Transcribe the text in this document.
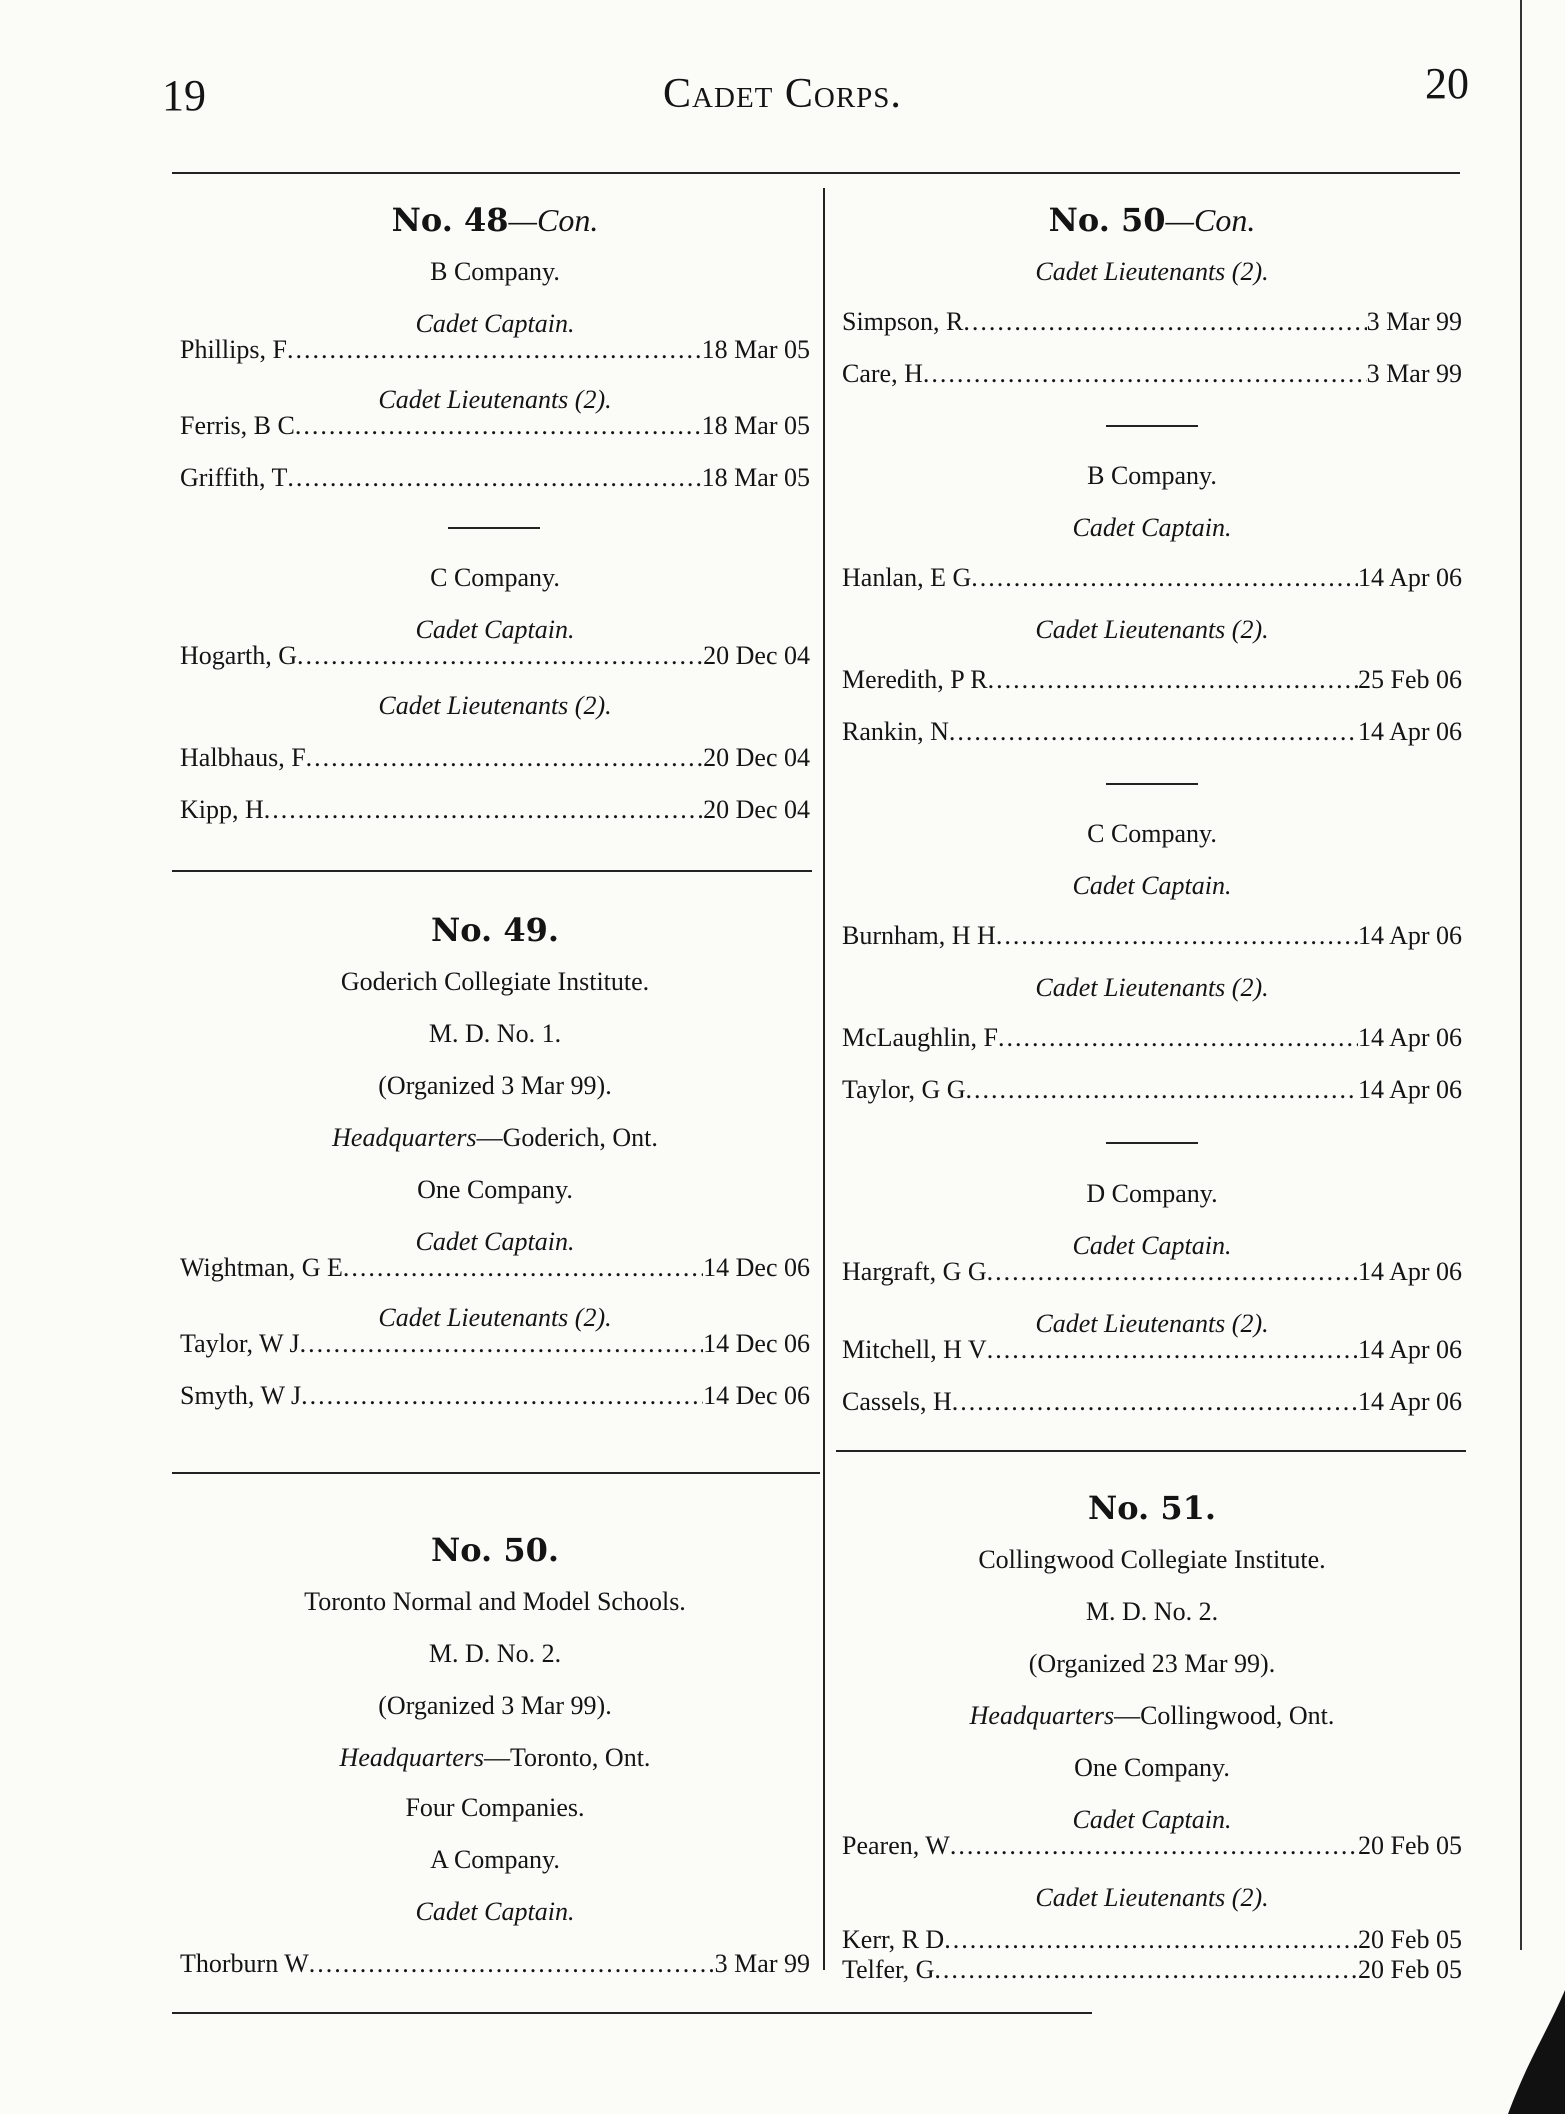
19	Cadet Corps.	20
No. 48—Con.
B Company.
Cadet Captain.
Phillips, F .....	18 Mar 05
Cadet Lieutenants (2).
Ferris, B C .....	18 Mar 05
Griffith, T .....	18 Mar 05
C Company.
Cadet Captain.
Hogarth, G .....	20 Dec 04
Cadet Lieutenants (2).
Halbhaus, F .....	20 Dec 04
Kipp, H .....	20 Dec 04
No. 49.
Goderich Collegiate Institute.
M. D. No. 1.
(Organized 3 Mar 99).
Headquarters—Goderich, Ont.
One Company.
Cadet Captain.
Wightman, G E .....	14 Dec 06
Cadet Lieutenants (2).
Taylor, W J .....	14 Dec 06
Smyth, W J .....	14 Dec 06
No. 50.
Toronto Normal and Model Schools.
M. D. No. 2.
(Organized 3 Mar 99).
Headquarters—Toronto, Ont.
Four Companies.
A Company.
Cadet Captain.
Thorburn W .....	3 Mar 99
No. 50—Con.
Cadet Lieutenants (2).
Simpson, R .....	3 Mar 99
Care, H .....	3 Mar 99
B Company.
Cadet Captain.
Hanlan, E G .....	14 Apr 06
Cadet Lieutenants (2).
Meredith, P R .....	25 Feb 06
Rankin, N .....	14 Apr 06
C Company.
Cadet Captain.
Burnham, H H .....	14 Apr 06
Cadet Lieutenants (2).
McLaughlin, F .....	14 Apr 06
Taylor, G G .....	14 Apr 06
D Company.
Cadet Captain.
Hargraft, G G .....	14 Apr 06
Cadet Lieutenants (2).
Mitchell, H V .....	14 Apr 06
Cassels, H .....	14 Apr 06
No. 51.
Collingwood Collegiate Institute.
M. D. No. 2.
(Organized 23 Mar 99).
Headquarters—Collingwood, Ont.
One Company.
Cadet Captain.
Pearen, W .....	20 Feb 05
Cadet Lieutenants (2).
Kerr, R D .....	20 Feb 05
Telfer, G .....	20 Feb 05
